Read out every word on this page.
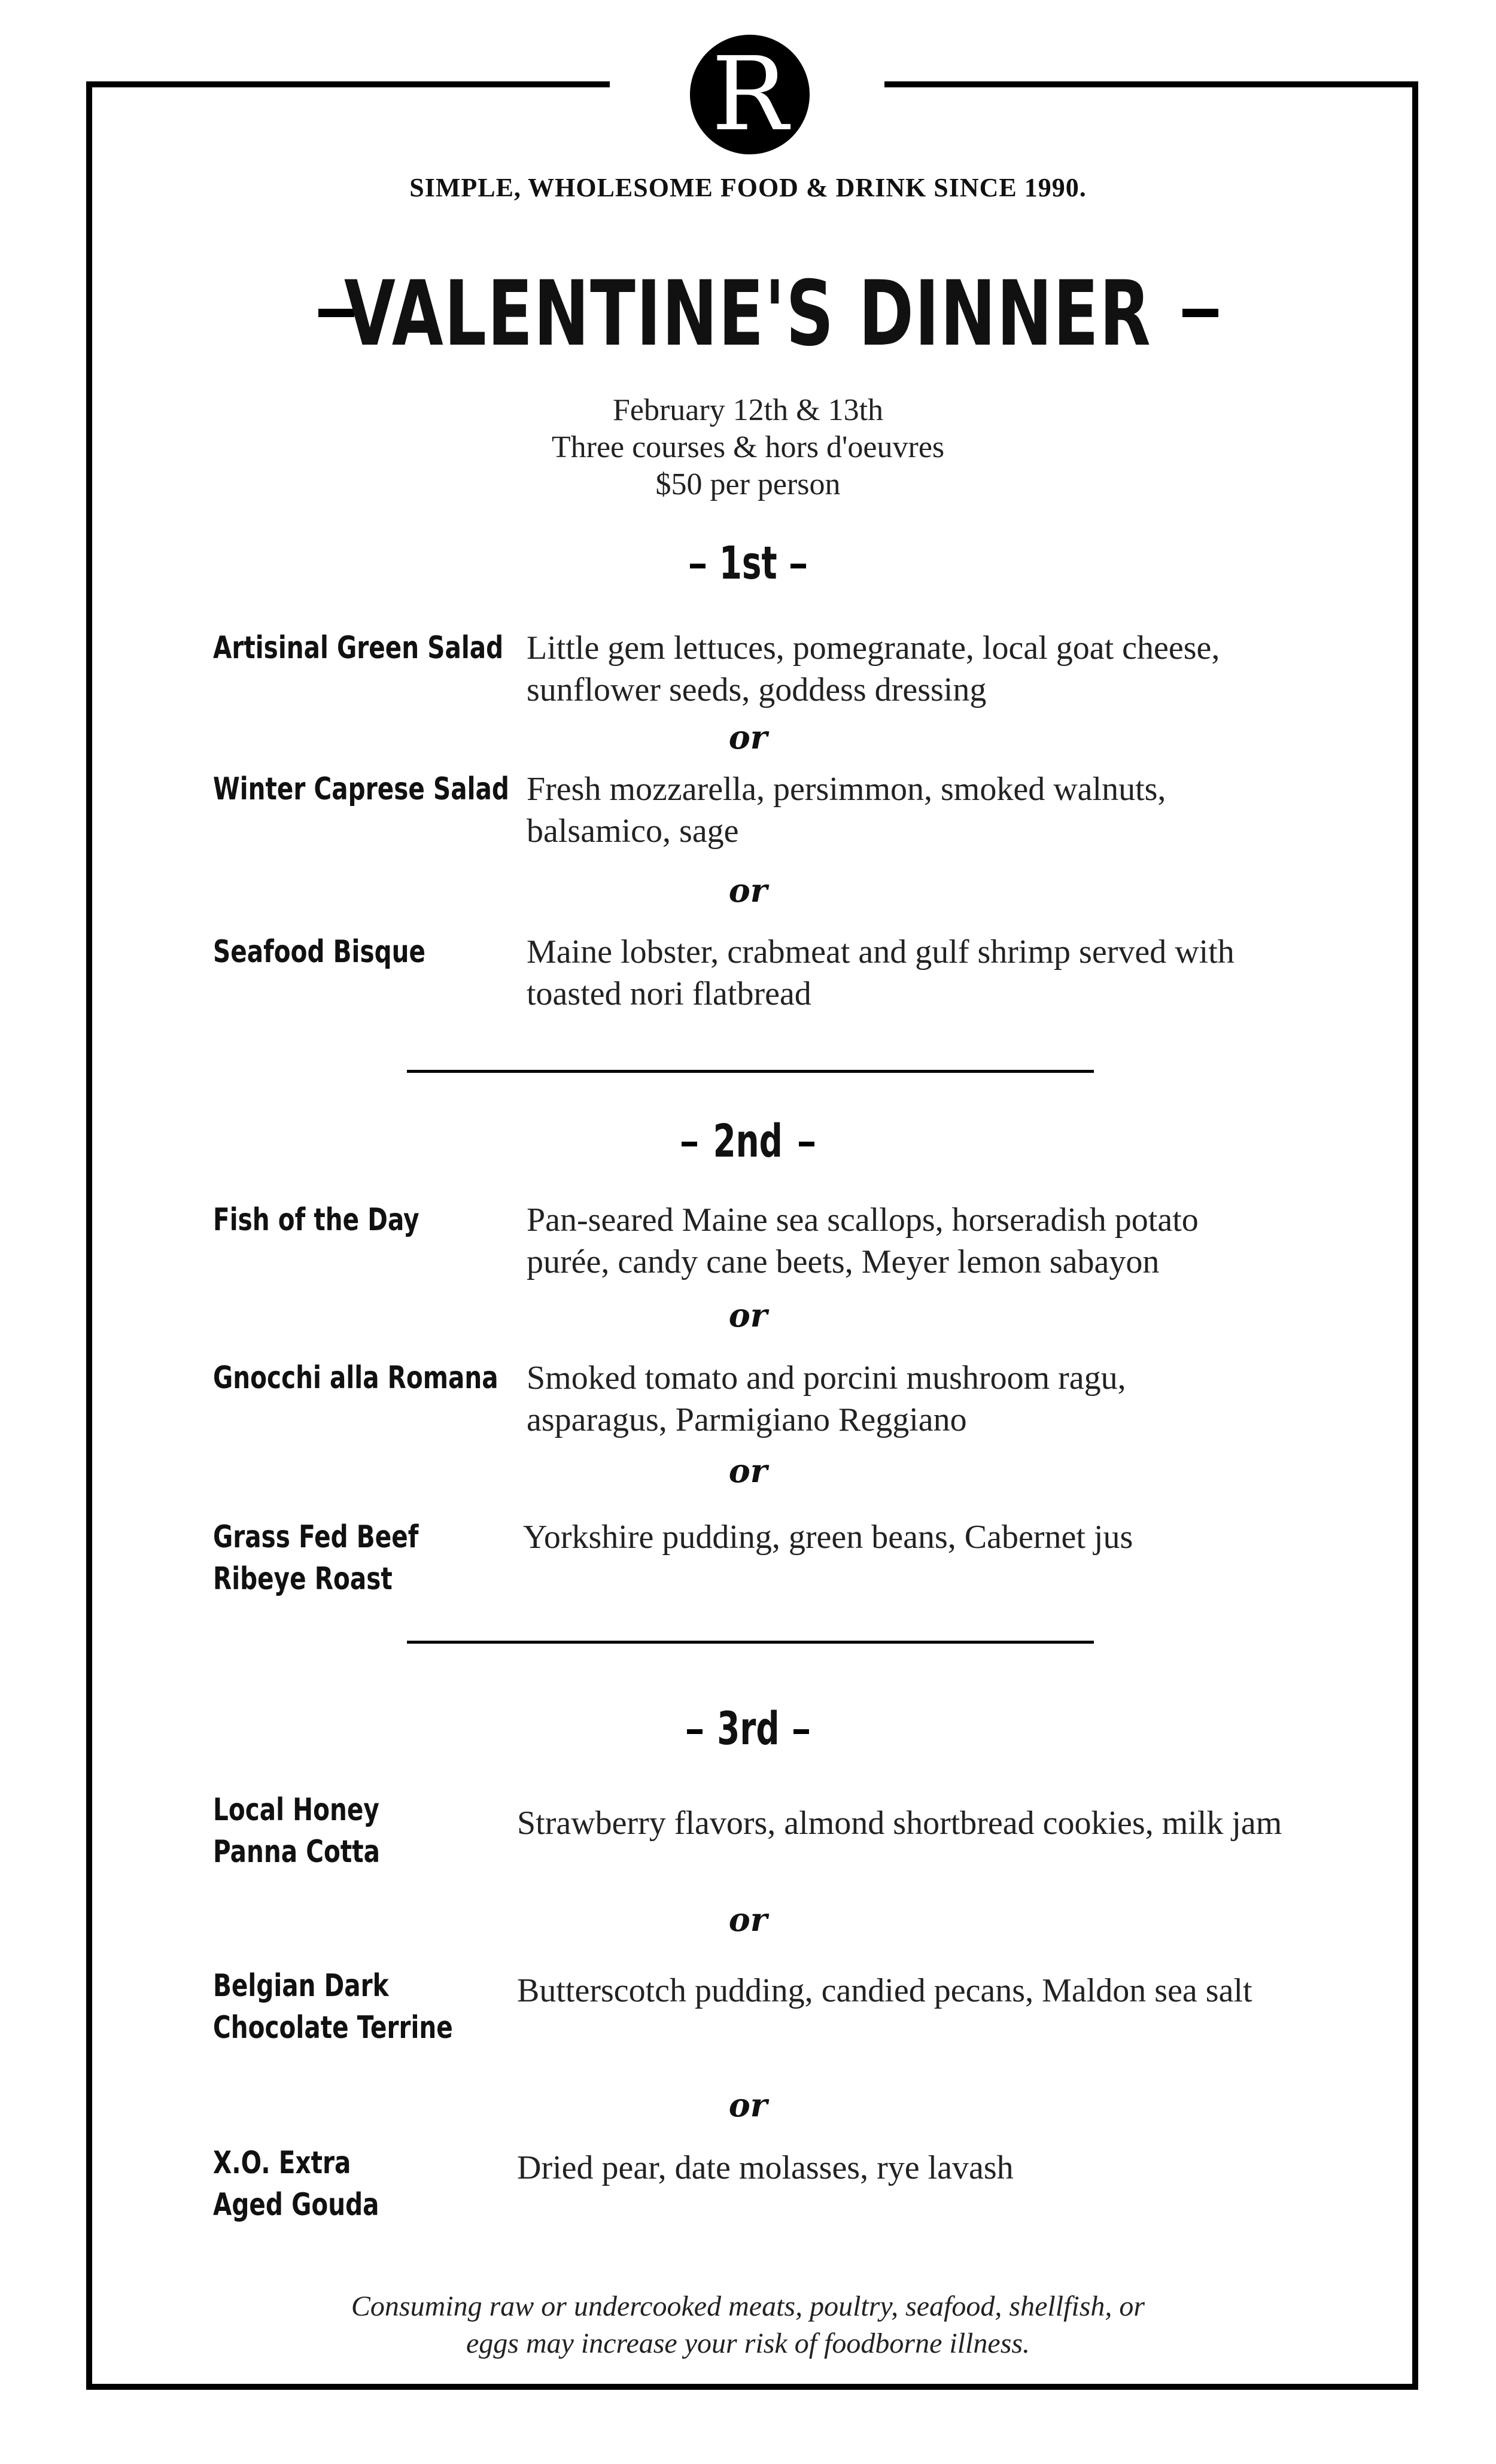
R
SIMPLE, WHOLESOME FOOD & DRINK SINCE 1990.
VALENTINE'S DINNER
February 12th & 13th
Three courses & hors d'oeuvres
$50 per person
1st
Artisinal Green Salad Little gem lettuces, pomegranate, local goat cheese,
sunflower seeds, goddess dressing
or
Winter Caprese Salad Fresh mozzarella, persimmon, smoked walnuts,
balsamico, sage
or
Seafood Bisque	Maine lobster, crabmeat and gulf shrimp served with
toasted nori flatbread
2nd
Fish of the Day	Pan-seared Maine sea scallops, horseradish potato
purée, candy cane beets, Meyer lemon sabayon
or
Gnocchi alla Romana Smoked tomato and porcini mushroom ragu,
asparagus, Parmigiano Reggiano
or
Grass Fed Beef
Ribeye Roast
Yorkshire pudding, green beans, Cabernet jus
3rd
Local Honey
Panna Cotta
Strawberry flavors, almond shortbread cookies, milk jam
or
Belgian Dark
Chocolate Terrine
Butterscotch pudding, candied pecans, Maldon sea salt
or
X.O. Extra
Aged Gouda
Dried pear, date molasses, rye lavash
Consuming raw or undercooked meats, poultry, seafood, shellfish, or
eggs may increase your risk of foodborne illness.
